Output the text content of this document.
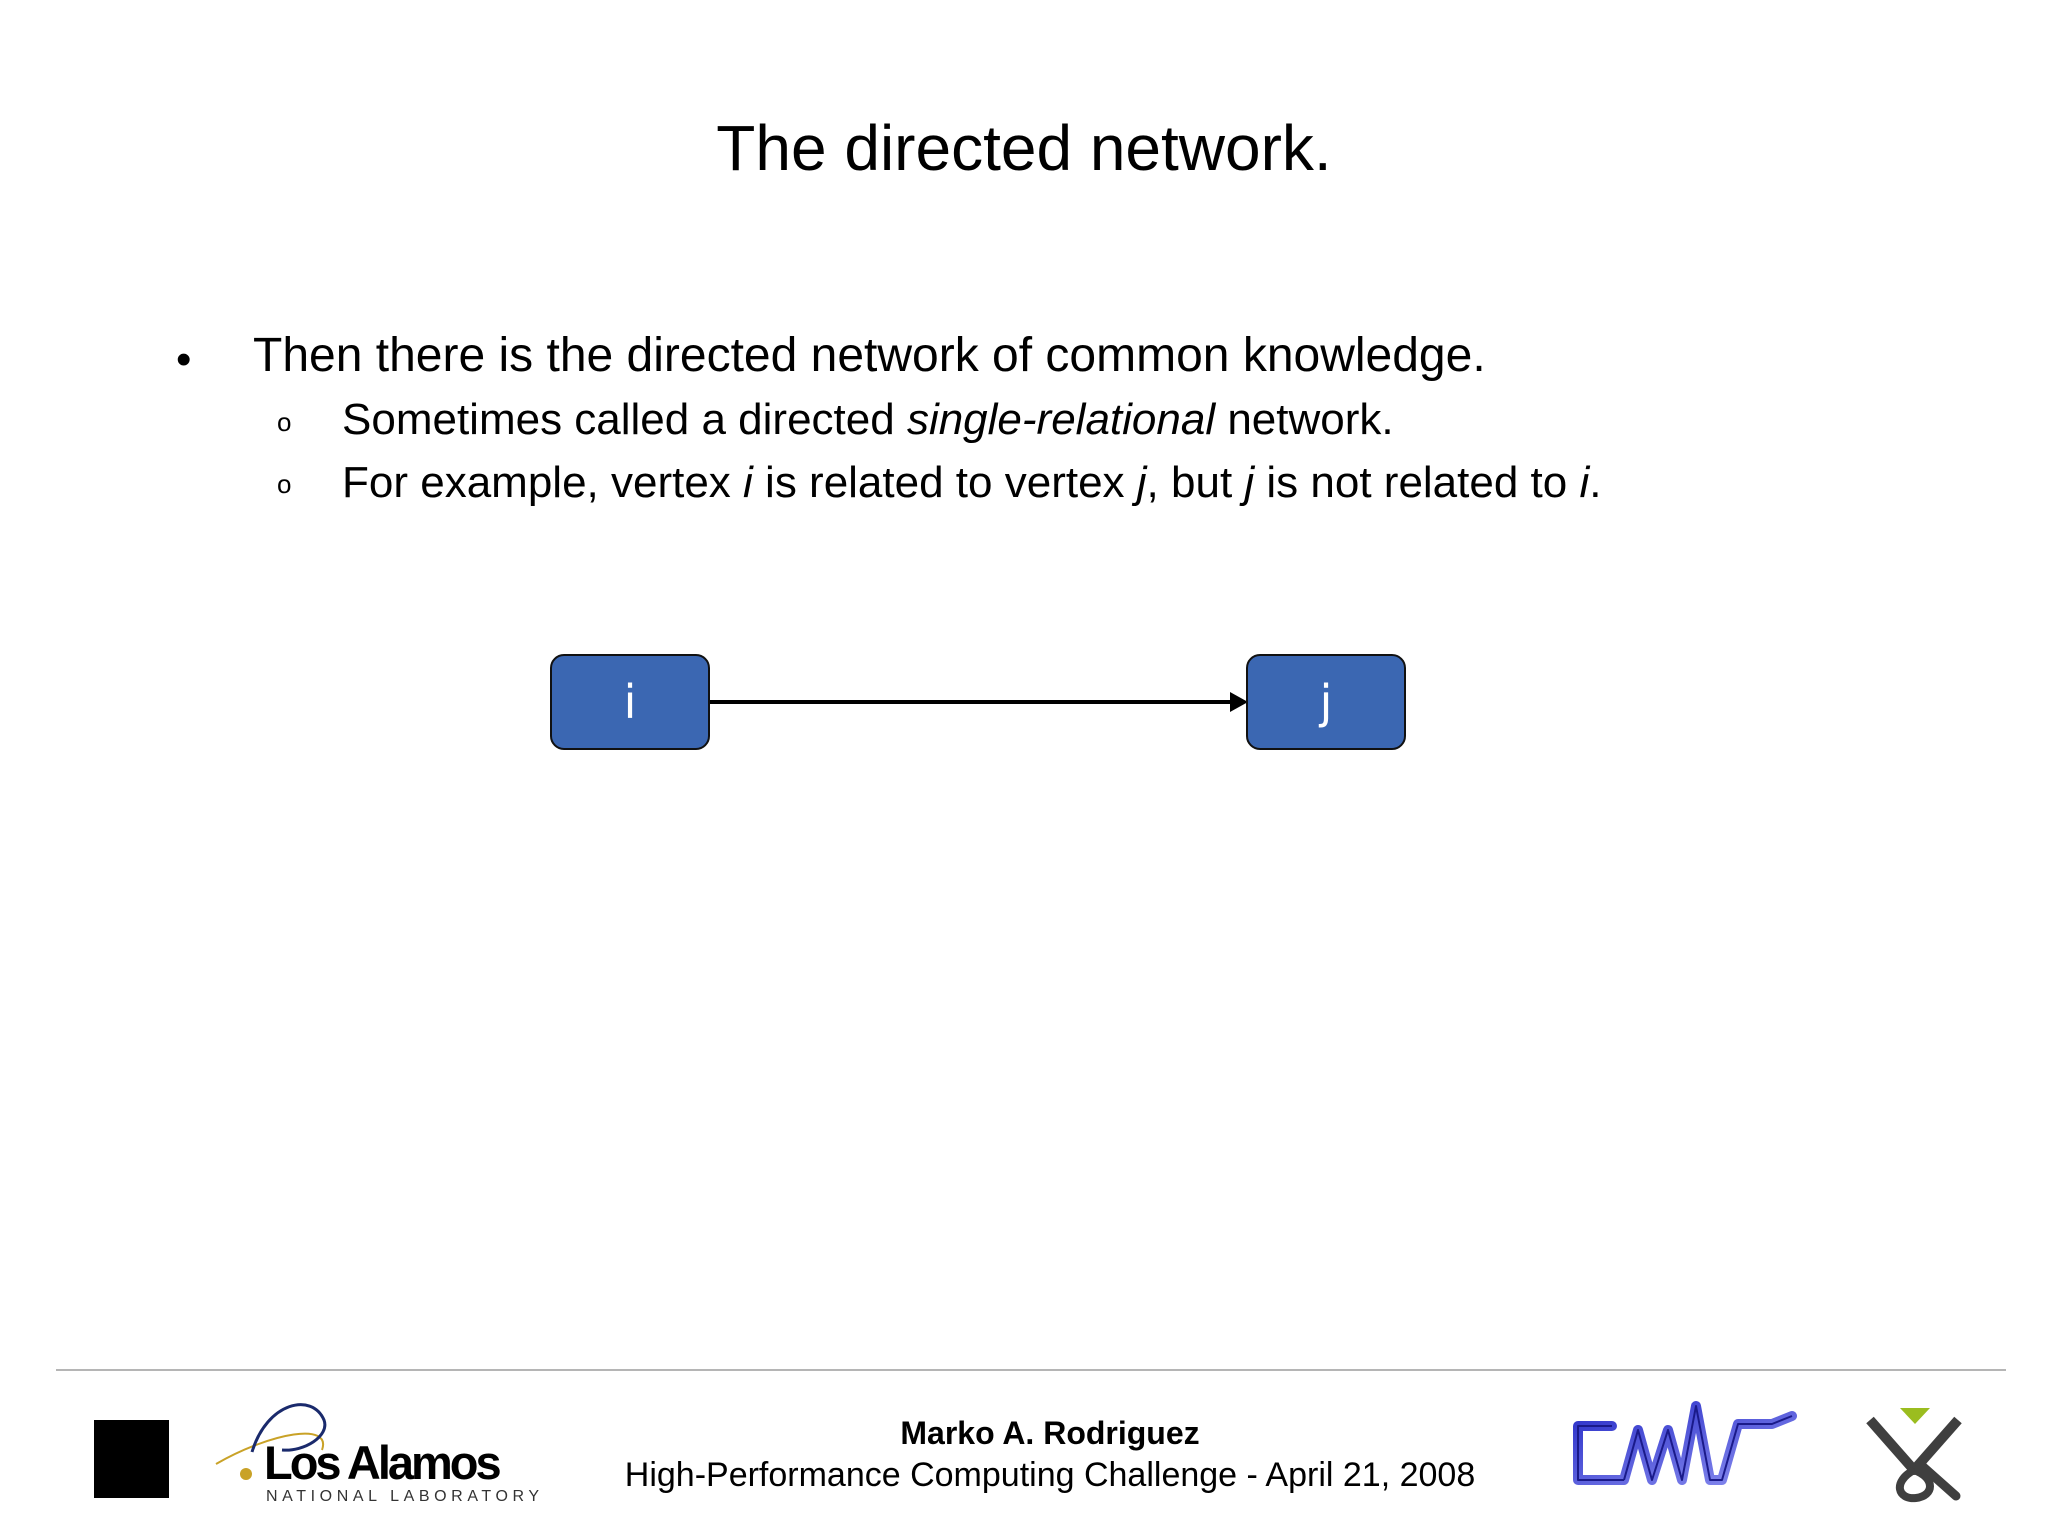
The directed network.
• Then there is the directed network of common knowledge.
o Sometimes called a directed single-relational network.
o For example, vertex i is related to vertex j, but j is not related to i.
i	j
Los Alamos
NATIONAL LABORATORY
Marko A. Rodriguez
High-Performance Computing Challenge - April 21, 2008
